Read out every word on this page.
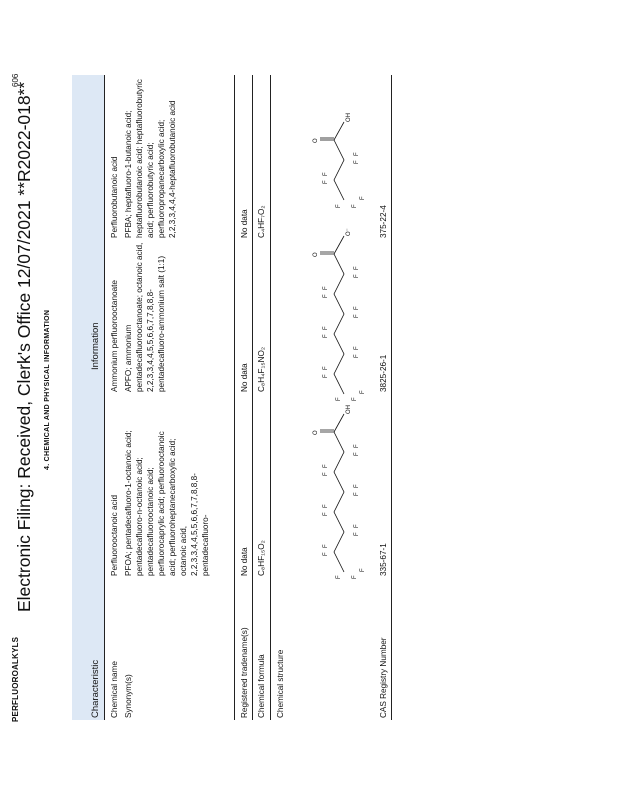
PERFLUOROALKYLS
Electronic Filing: Received, Clerk's Office 12/07/2021 **R2022-018** 4. CHEMICAL AND PHYSICAL INFORMATION
606
Characteristic
Information
Chemical name
Perfluorooctanoic acid
Ammonium perfluorooctanoate
Perfluorobutanoic acid
Synonym(s)
PFOA; pentadecafluoro-1-octanoic acid; pentadecafluoro-n-octanoic acid; pentadecafluorooctanoic acid; perfluorocaprylic acid; perfluorooctanoic acid; perfluoroheptanecarboxylic acid; octanoic acid, 2,2,3,3,4,4,5,5,6,6,7,7,8,8,8-pentadecafluoro-
APFO; ammonium pentadecafluorooctanoate; octanoic acid, 2,2,3,3,4,4,5,5,6,6,7,7,8,8,8-pentadecafluoro-ammonium salt (1:1)
PFBA; heptafluoro-1-butanoic acid; heptafluorobutanoic acid; heptafluorobutyric acid; perfluorobutyric acid; perfluoropropanecarboxylic acid; 2,2,3,3,4,4,4-heptafluorobutanoic acid
Registered tradename(s)
No data
No data
No data
Chemical formula
C₈HF₁₅O₂
C₈H₄F₁₅NO₂
C₄HF₇O₂
Chemical structure
O
OH
F
F
F
F
F
F
F
F
F
F
F
F
F
F
F
O
O⁻
F
F
F
F
F
F
F
F
F
F
F
F
F
F
F
O
OH
F
F
F
F
F
F
F
CAS Registry Number
335-67-1
3825-26-1
375-22-4
